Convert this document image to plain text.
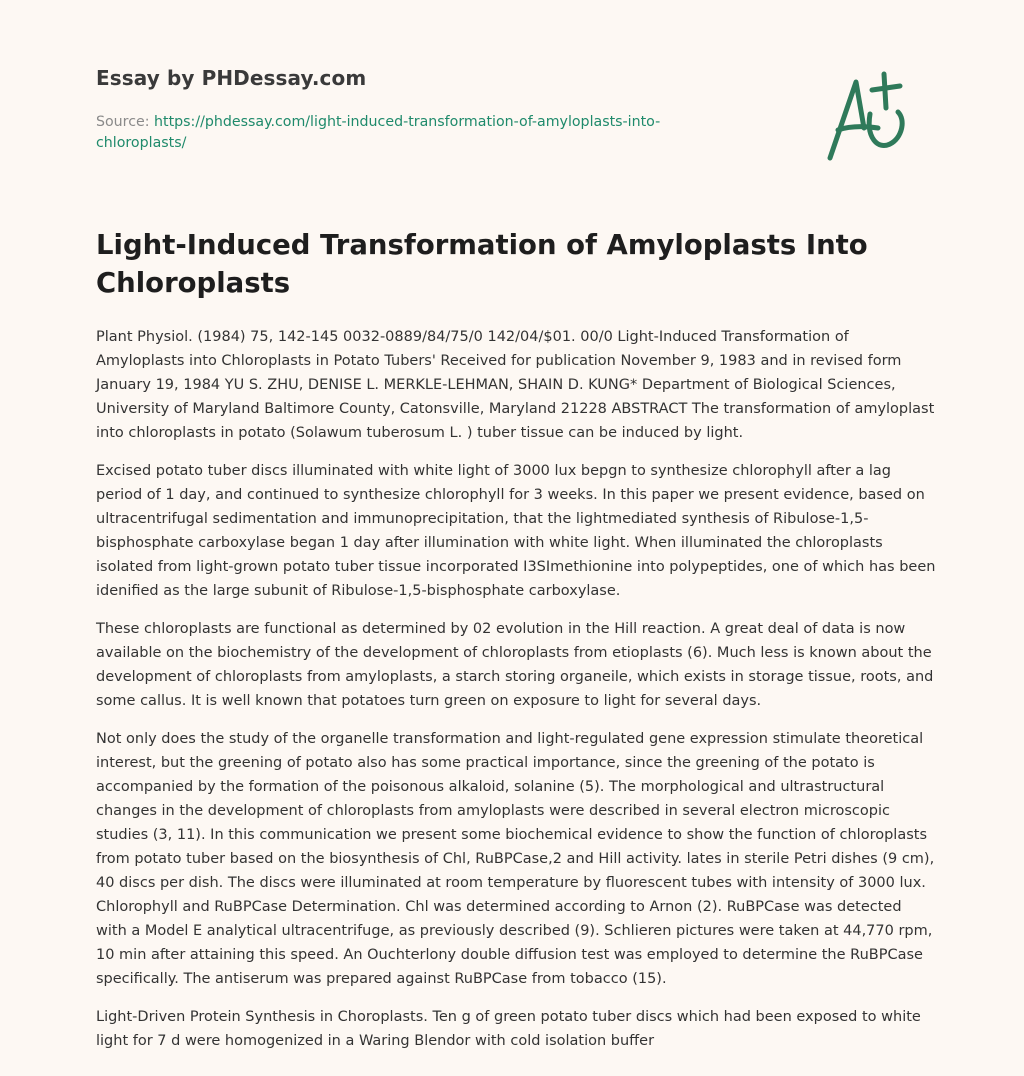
Essay by PHDessay.com
Source: https://phdessay.com/light-induced-transformation-of-amyloplasts-into-chloroplasts/
Light-Induced Transformation of Amyloplasts Into Chloroplasts

Plant Physiol. (1984) 75, 142-145 0032-0889/84/75/0 142/04/$01. 00/0 Light-Induced Transformation of Amyloplasts into Chloroplasts in Potato Tubers' Received for publication November 9, 1983 and in revised form January 19, 1984 YU S. ZHU, DENISE L. MERKLE-LEHMAN, SHAIN D. KUNG* Department of Biological Sciences, University of Maryland Baltimore County, Catonsville, Maryland 21228 ABSTRACT The transformation of amyloplast into chloroplasts in potato (Solawum tuberosum L. ) tuber tissue can be induced by light.

Excised potato tuber discs illuminated with white light of 3000 lux bepgn to synthesize chlorophyll after a lag period of 1 day, and continued to synthesize chlorophyll for 3 weeks. In this paper we present evidence, based on ultracentrifugal sedimentation and immunoprecipitation, that the lightmediated synthesis of Ribulose-1,5-bisphosphate carboxylase began 1 day after illumination with white light. When illuminated the chloroplasts isolated from light-grown potato tuber tissue incorporated I3SImethionine into polypeptides, one of which has been idenified as the large subunit of Ribulose-1,5-bisphosphate carboxylase.

These chloroplasts are functional as determined by 02 evolution in the Hill reaction. A great deal of data is now available on the biochemistry of the development of chloroplasts from etioplasts (6). Much less is known about the development of chloroplasts from amyloplasts, a starch storing organeile, which exists in storage tissue, roots, and some callus. It is well known that potatoes turn green on exposure to light for several days.

Not only does the study of the organelle transformation and light-regulated gene expression stimulate theoretical interest, but the greening of potato also has some practical importance, since the greening of the potato is accompanied by the formation of the poisonous alkaloid, solanine (5). The morphological and ultrastructural changes in the development of chloroplasts from amyloplasts were described in several electron microscopic studies (3, 11). In this communication we present some biochemical evidence to show the function of chloroplasts from potato tuber based on the biosynthesis of Chl, RuBPCase,2 and Hill activity. lates in sterile Petri dishes (9 cm), 40 discs per dish. The discs were illuminated at room temperature by fluorescent tubes with intensity of 3000 lux. Chlorophyll and RuBPCase Determination. Chl was determined according to Arnon (2). RuBPCase was detected with a Model E analytical ultracentrifuge, as previously described (9). Schlieren pictures were taken at 44,770 rpm, 10 min after attaining this speed. An Ouchterlony double diffusion test was employed to determine the RuBPCase specifically. The antiserum was prepared against RuBPCase from tobacco (15).

Light-Driven Protein Synthesis in Choroplasts. Ten g of green potato tuber discs which had been exposed to white light for 7 d were homogenized in a Waring Blendor with cold isolation buffer
